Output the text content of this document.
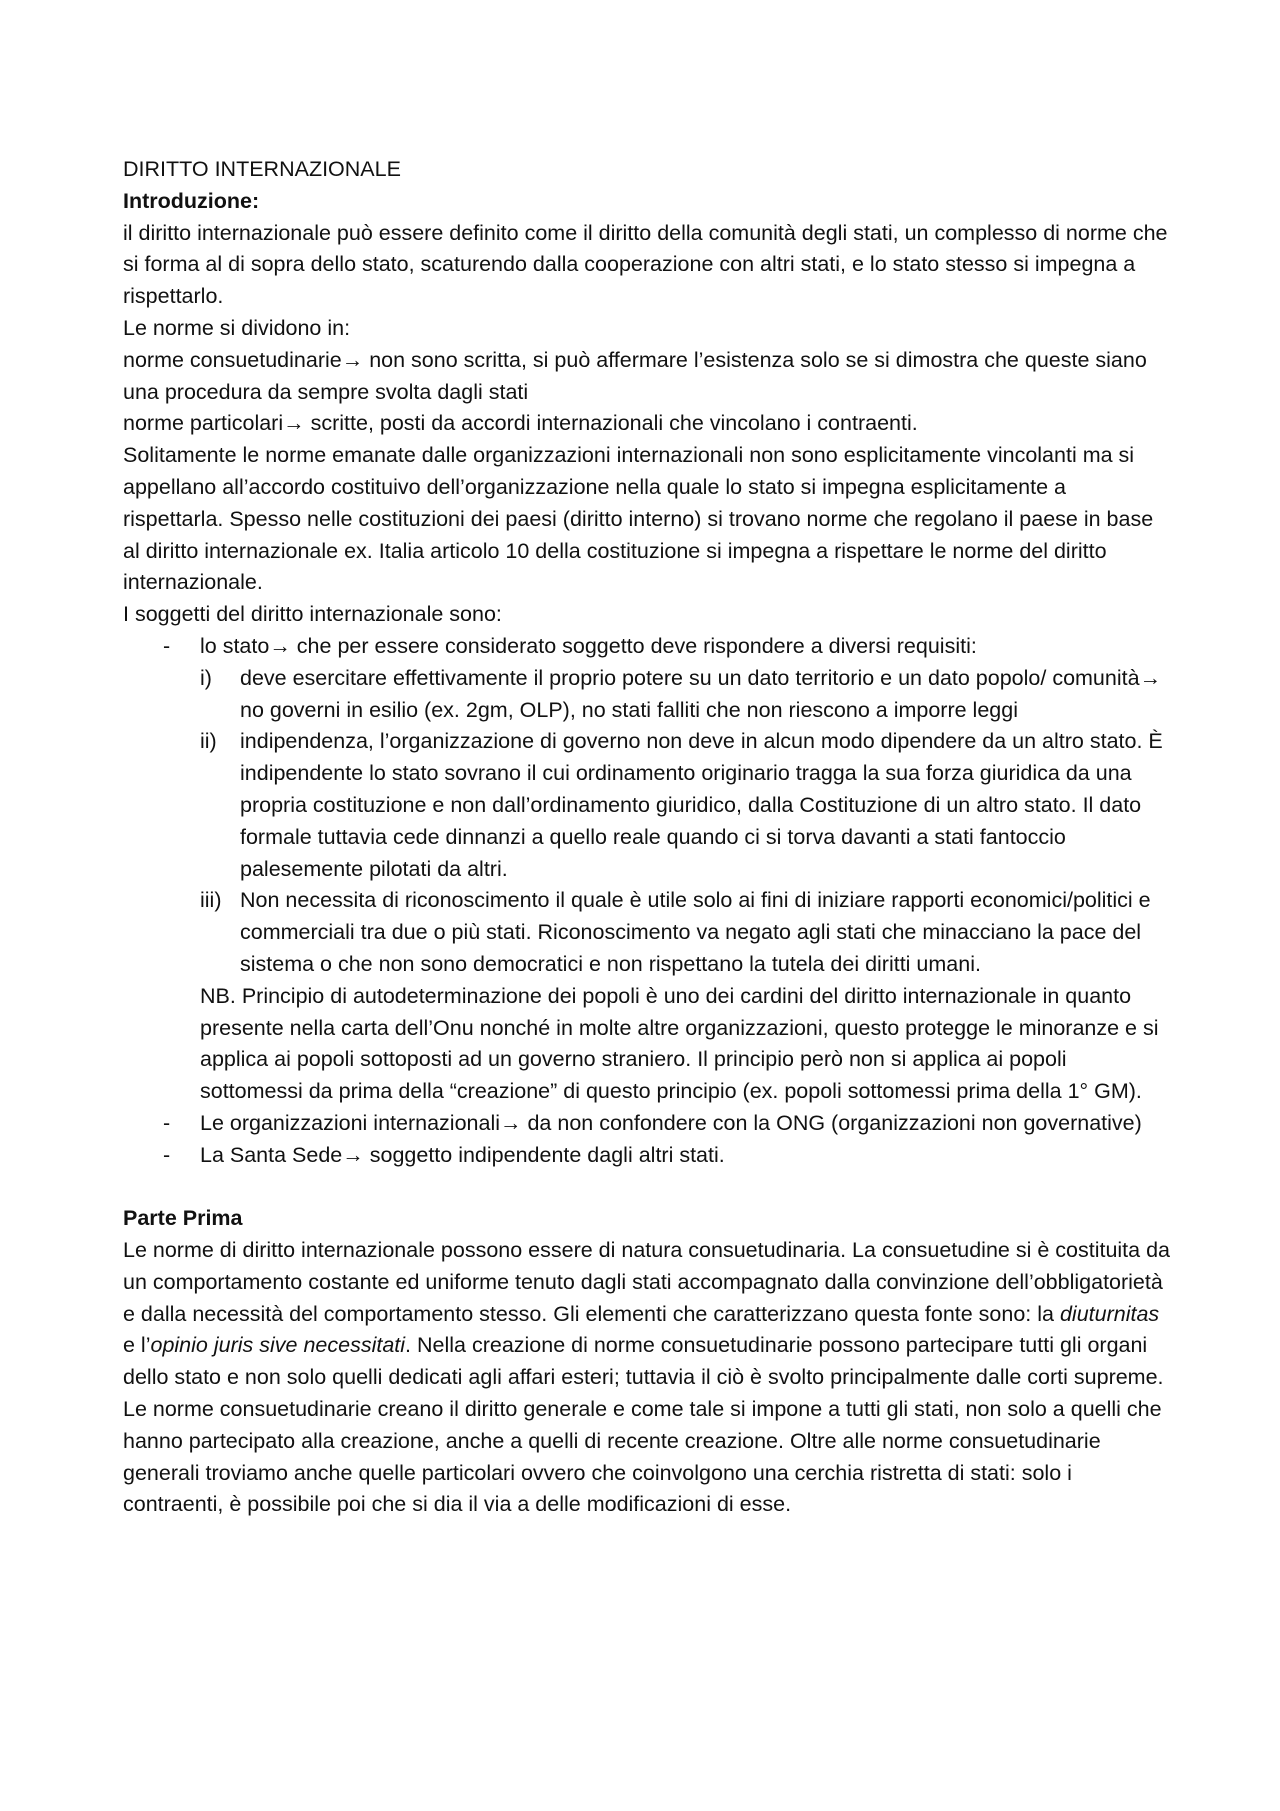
DIRITTO INTERNAZIONALE

Introduzione:

il diritto internazionale può essere definito come il diritto della comunità degli stati, un complesso di norme che si forma al di sopra dello stato, scaturendo dalla cooperazione con altri stati, e lo stato stesso si impegna a rispettarlo.

Le norme si dividono in:

norme consuetudinarie→ non sono scritta, si può affermare l’esistenza solo se si dimostra che queste siano una procedura da sempre svolta dagli stati

norme particolari→ scritte, posti da accordi internazionali che vincolano i contraenti.

Solitamente le norme emanate dalle organizzazioni internazionali non sono esplicitamente vincolanti ma si appellano all’accordo costituivo dell’organizzazione nella quale lo stato si impegna esplicitamente a rispettarla. Spesso nelle costituzioni dei paesi (diritto interno) si trovano norme che regolano il paese in base al diritto internazionale ex. Italia articolo 10 della costituzione si impegna a rispettare le norme del diritto internazionale.

I soggetti del diritto internazionale sono:

- lo stato→ che per essere considerato soggetto deve rispondere a diversi requisiti:
i) deve esercitare effettivamente il proprio potere su un dato territorio e un dato popolo/ comunità→ no governi in esilio (ex. 2gm, OLP), no stati falliti che non riescono a imporre leggi
ii) indipendenza, l’organizzazione di governo non deve in alcun modo dipendere da un altro stato. È indipendente lo stato sovrano il cui ordinamento originario tragga la sua forza giuridica da una propria costituzione e non dall’ordinamento giuridico, dalla Costituzione di un altro stato. Il dato formale tuttavia cede dinnanzi a quello reale quando ci si torva davanti a stati fantoccio palesemente pilotati da altri.
iii) Non necessita di riconoscimento il quale è utile solo ai fini di iniziare rapporti economici/politici e commerciali tra due o più stati. Riconoscimento va negato agli stati che minacciano la pace del sistema o che non sono democratici e non rispettano la tutela dei diritti umani.

NB. Principio di autodeterminazione dei popoli è uno dei cardini del diritto internazionale in quanto presente nella carta dell’Onu nonché in molte altre organizzazioni, questo protegge le minoranze e si applica ai popoli sottoposti ad un governo straniero. Il principio però non si applica ai popoli sottomessi da prima della “creazione” di questo principio (ex. popoli sottomessi prima della 1° GM).

- Le organizzazioni internazionali→ da non confondere con la ONG (organizzazioni non governative)
- La Santa Sede→ soggetto indipendente dagli altri stati.

Parte Prima

Le norme di diritto internazionale possono essere di natura consuetudinaria. La consuetudine si è costituita da un comportamento costante ed uniforme tenuto dagli stati accompagnato dalla convinzione dell’obbligatorietà e dalla necessità del comportamento stesso. Gli elementi che caratterizzano questa fonte sono: la diuturnitas e l’opinio juris sive necessitati. Nella creazione di norme consuetudinarie possono partecipare tutti gli organi dello stato e non solo quelli dedicati agli affari esteri; tuttavia il ciò è svolto principalmente dalle corti supreme. Le norme consuetudinarie creano il diritto generale e come tale si impone a tutti gli stati, non solo a quelli che hanno partecipato alla creazione, anche a quelli di recente creazione. Oltre alle norme consuetudinarie generali troviamo anche quelle particolari ovvero che coinvolgono una cerchia ristretta di stati: solo i contraenti, è possibile poi che si dia il via a delle modificazioni di esse.
